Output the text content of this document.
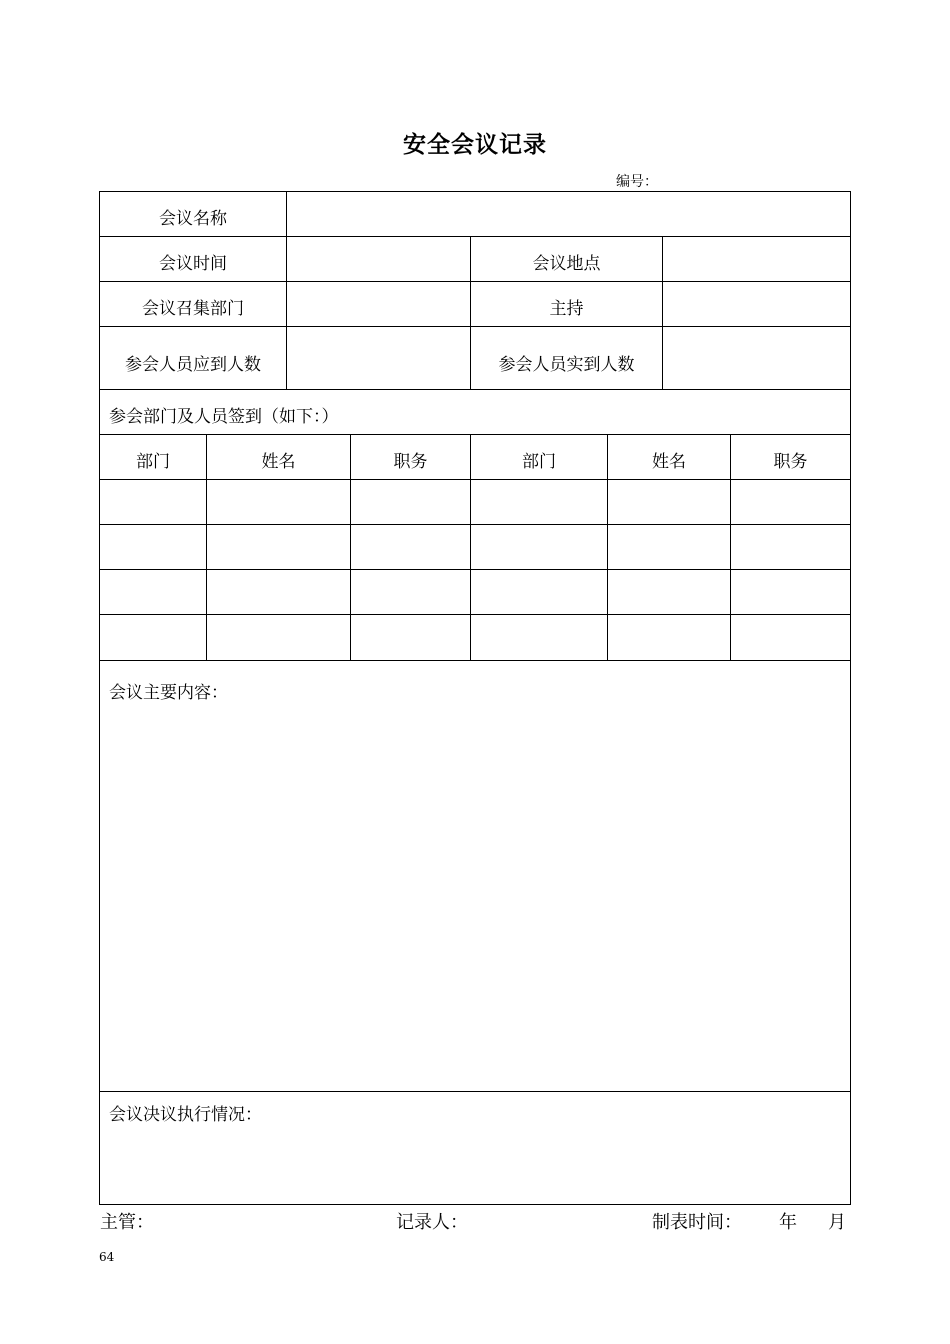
安全会议记录
编号：
会议名称
会议时间	会议地点
会议召集部门	主持
参会人员应到人数	参会人员实到人数
参会部门及人员签到（如下：）
部门	姓名	职务	部门	姓名	职务
会议主要内容：
会议决议执行情况：
主管：	记录人：	制表时间： 年 月
64
